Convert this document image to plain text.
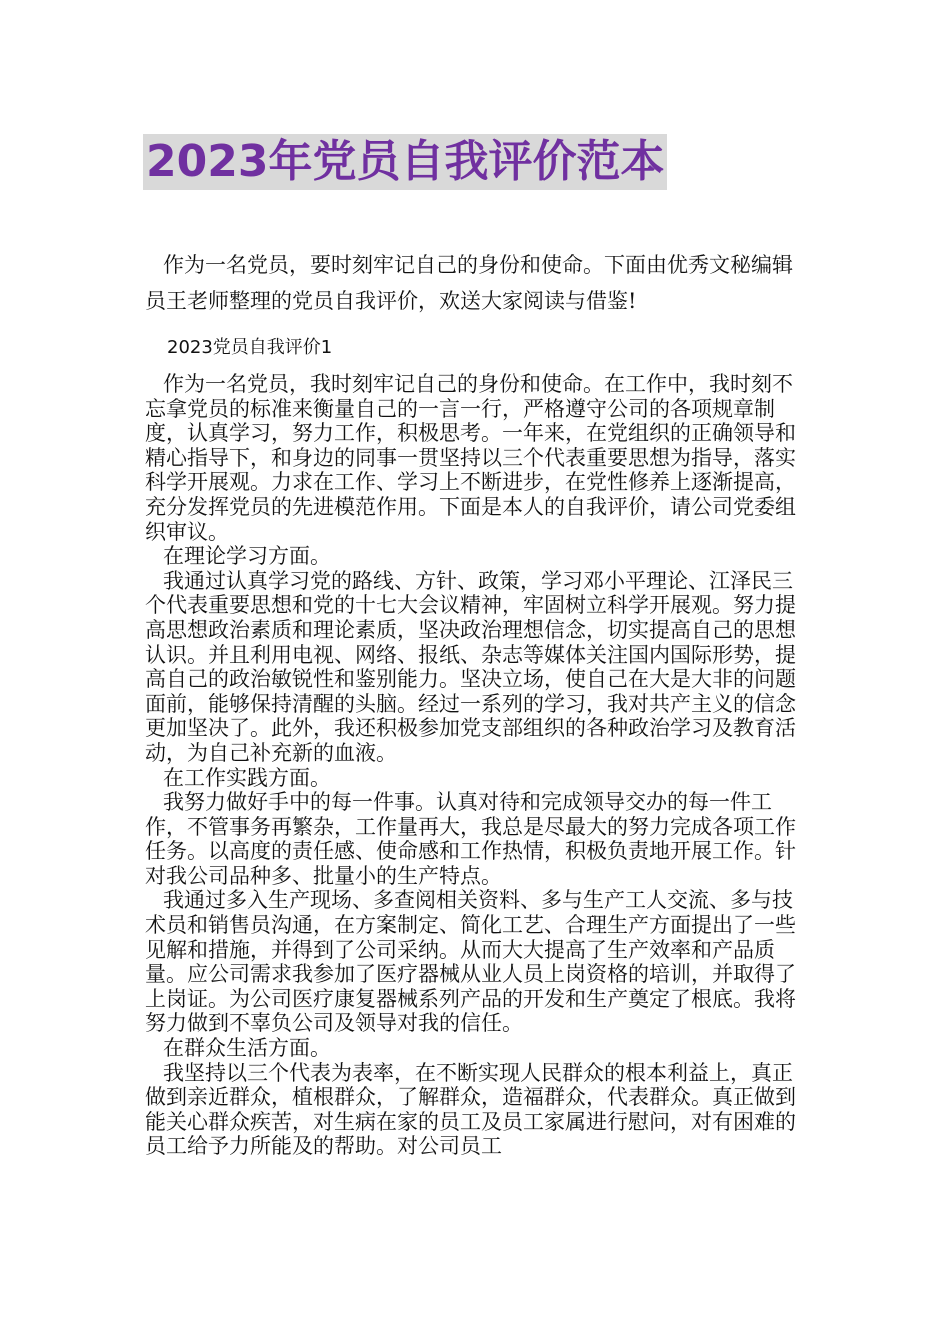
2023年党员自我评价范本

作为一名党员，要时刻牢记自己的身份和使命。下面由优秀文秘编辑员王老师整理的党员自我评价，欢送大家阅读与借鉴!

2023党员自我评价1

作为一名党员，我时刻牢记自己的身份和使命。在工作中，我时刻不忘拿党员的标准来衡量自己的一言一行，严格遵守公司的各项规章制度，认真学习，努力工作，积极思考。一年来，在党组织的正确领导和精心指导下，和身边的同事一贯坚持以三个代表重要思想为指导，落实科学开展观。力求在工作、学习上不断进步，在党性修养上逐渐提高，充分发挥党员的先进模范作用。下面是本人的自我评价，请公司党委组织审议。

在理论学习方面。

我通过认真学习党的路线、方针、政策，学习邓小平理论、江泽民三个代表重要思想和党的十七大会议精神，牢固树立科学开展观。努力提高思想政治素质和理论素质，坚决政治理想信念，切实提高自己的思想认识。并且利用电视、网络、报纸、杂志等媒体关注国内国际形势，提高自己的政治敏锐性和鉴别能力。坚决立场，使自己在大是大非的问题面前，能够保持清醒的头脑。经过一系列的学习，我对共产主义的信念更加坚决了。此外，我还积极参加党支部组织的各种政治学习及教育活动，为自己补充新的血液。

在工作实践方面。

我努力做好手中的每一件事。认真对待和完成领导交办的每一件工作，不管事务再繁杂，工作量再大，我总是尽最大的努力完成各项工作任务。以高度的责任感、使命感和工作热情，积极负责地开展工作。针对我公司品种多、批量小的生产特点。

我通过多入生产现场、多查阅相关资料、多与生产工人交流、多与技术员和销售员沟通，在方案制定、简化工艺、合理生产方面提出了一些见解和措施，并得到了公司采纳。从而大大提高了生产效率和产品质量。应公司需求我参加了医疗器械从业人员上岗资格的培训，并取得了上岗证。为公司医疗康复器械系列产品的开发和生产奠定了根底。我将努力做到不辜负公司及领导对我的信任。

在群众生活方面。

我坚持以三个代表为表率，在不断实现人民群众的根本利益上，真正做到亲近群众，植根群众，了解群众，造福群众，代表群众。真正做到能关心群众疾苦，对生病在家的员工及员工家属进行慰问，对有困难的员工给予力所能及的帮助。对公司员工
